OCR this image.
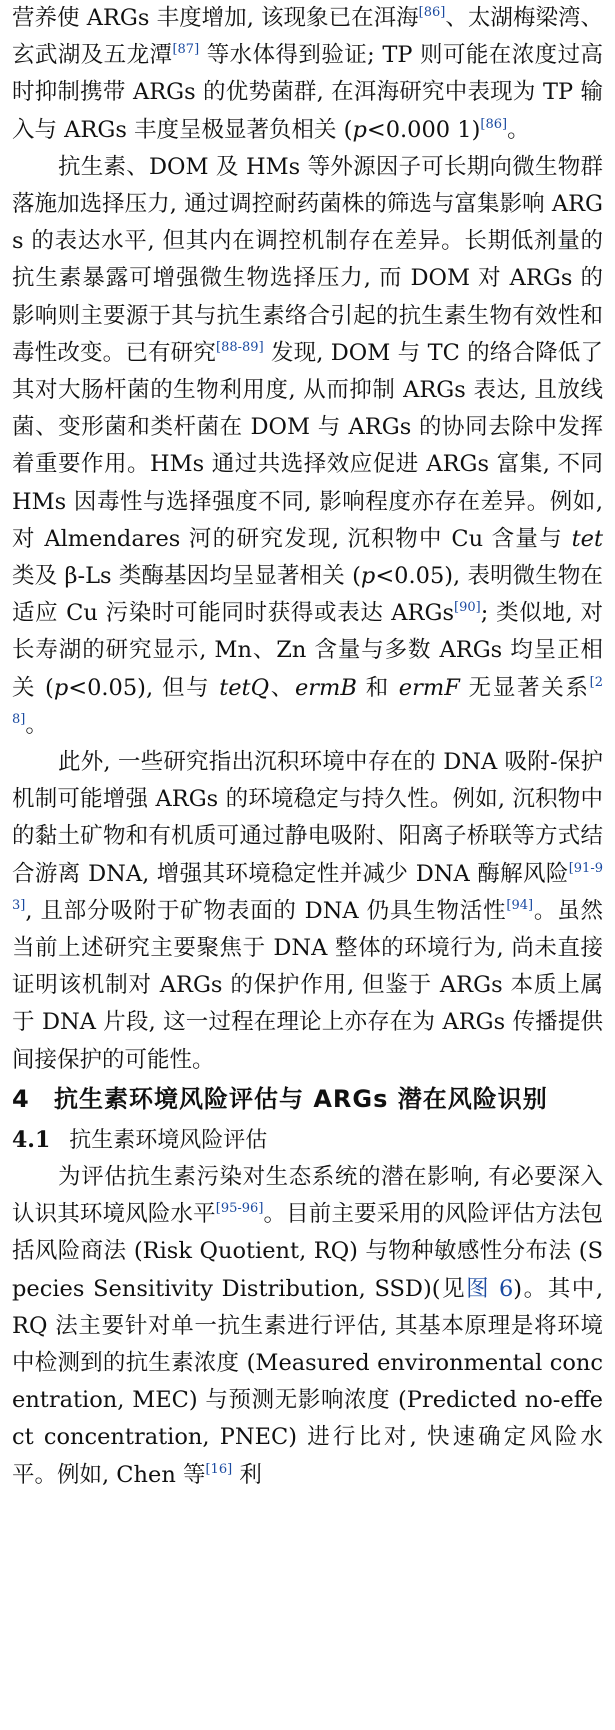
营养使 ARGs 丰度增加, 该现象已在洱海[86]、太湖梅梁湾、玄武湖及五龙潭[87] 等水体得到验证; TP 则可能在浓度过高时抑制携带 ARGs 的优势菌群, 在洱海研究中表现为 TP 输入与 ARGs 丰度呈极显著负相关 (p<0.000 1)[86]。

抗生素、DOM 及 HMs 等外源因子可长期向微生物群落施加选择压力, 通过调控耐药菌株的筛选与富集影响 ARGs 的表达水平, 但其内在调控机制存在差异。长期低剂量的抗生素暴露可增强微生物选择压力, 而 DOM 对 ARGs 的影响则主要源于其与抗生素络合引起的抗生素生物有效性和毒性改变。已有研究[88-89] 发现, DOM 与 TC 的络合降低了其对大肠杆菌的生物利用度, 从而抑制 ARGs 表达, 且放线菌、变形菌和类杆菌在 DOM 与 ARGs 的协同去除中发挥着重要作用。HMs 通过共选择效应促进 ARGs 富集, 不同 HMs 因毒性与选择强度不同, 影响程度亦存在差异。例如, 对 Almendares 河的研究发现, 沉积物中 Cu 含量与 tet 类及 β-Ls 类酶基因均呈显著相关 (p<0.05), 表明微生物在适应 Cu 污染时可能同时获得或表达 ARGs[90]; 类似地, 对长寿湖的研究显示, Mn、Zn 含量与多数 ARGs 均呈正相关 (p<0.05), 但与 tetQ、ermB 和 ermF 无显著关系[28]。

此外, 一些研究指出沉积环境中存在的 DNA 吸附-保护机制可能增强 ARGs 的环境稳定与持久性。例如, 沉积物中的黏土矿物和有机质可通过静电吸附、阳离子桥联等方式结合游离 DNA, 增强其环境稳定性并减少 DNA 酶解风险[91-93], 且部分吸附于矿物表面的 DNA 仍具生物活性[94]。虽然当前上述研究主要聚焦于 DNA 整体的环境行为, 尚未直接证明该机制对 ARGs 的保护作用, 但鉴于 ARGs 本质上属于 DNA 片段, 这一过程在理论上亦存在为 ARGs 传播提供间接保护的可能性。

4	抗生素环境风险评估与 ARGs 潜在风险识别
4.1 抗生素环境风险评估

为评估抗生素污染对生态系统的潜在影响, 有必要深入认识其环境风险水平[95-96]。目前主要采用的风险评估方法包括风险商法 (Risk Quotient, RQ) 与物种敏感性分布法 (Species Sensitivity Distribution, SSD)(见图 6)。其中, RQ 法主要针对单一抗生素进行评估, 其基本原理是将环境中检测到的抗生素浓度 (Measured environmental concentration, MEC) 与预测无影响浓度 (Predicted no-effect concentration, PNEC) 进行比对, 快速确定风险水平。例如, Chen 等[16] 利
